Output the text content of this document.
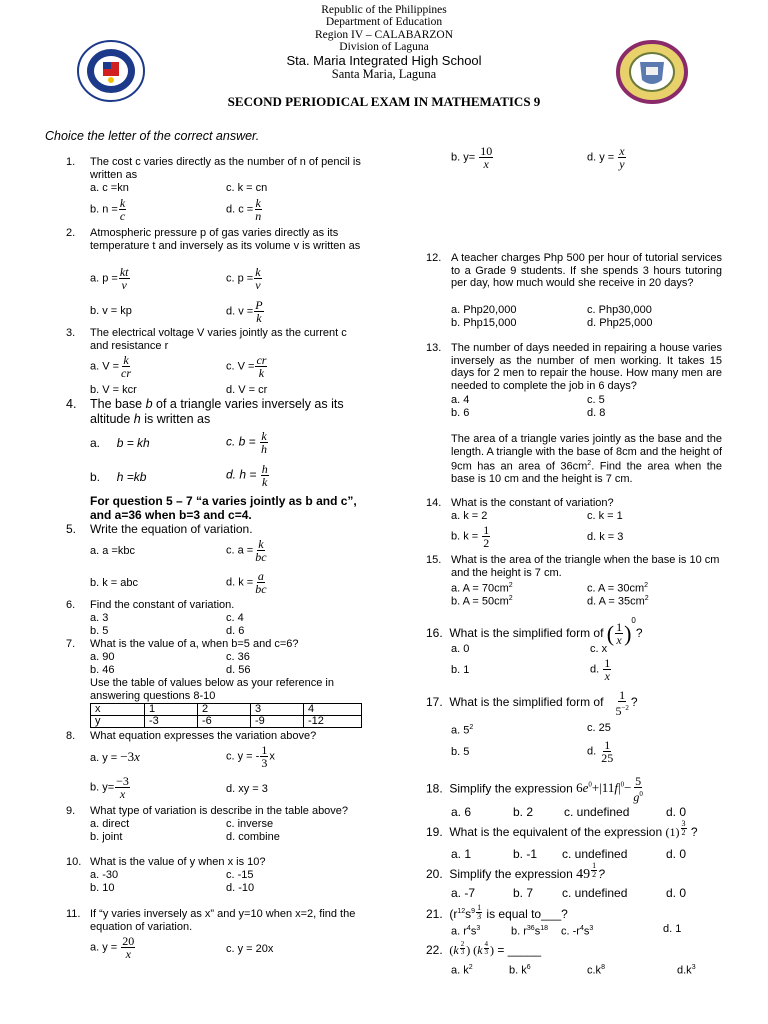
Republic of the Philippines
Department of Education
Region IV – CALABARZON
Division of Laguna
Sta. Maria Integrated High School
Santa Maria, Laguna
SECOND PERIODICAL EXAM IN MATHEMATICS 9
Choice the letter of the correct answer.
1. The cost c varies directly as the number of n of pencil is written as
a. c =kn	c. k = cn
b. $n = \frac{k}{c}$	d. $c = \frac{k}{n}$
2. Atmospheric pressure p of gas varies directly as its temperature t and inversely as its volume v is written as
a. $p = \frac{kt}{v}$	c. $p = \frac{k}{v}$
b. v = kp	d. $v = \frac{P}{k}$
3. The electrical voltage V varies jointly as the current c and resistance r
a. $V = \frac{k}{cr}$	c. $V = \frac{cr}{k}$
b. V = kcr	d. V = cr
4. The base b of a triangle varies inversely as its altitude h is written as
a. b = kh	c. $b = \frac{k}{h}$
b. h =kb	d. $h = \frac{h}{k}$
For question 5 – 7 “a varies jointly as b and c”, and a=36 when b=3 and c=4.
5. Write the equation of variation.
a. a =kbc	c. $a = \frac{k}{bc}$
b. k = abc	d. $k = \frac{a}{bc}$
6. Find the constant of variation.
a. 3	c. 4
b. 5	d. 6
7. What is the value of a, when b=5 and c=6?
a. 90	c. 36
b. 46	d. 56
Use the table of values below as your reference in answering questions 8-10
x	1	2	3	4
y	-3	-6	-9	-12
8. What equation expresses the variation above?
a. y = −3x	c. y = - $\frac{1}{3}$ x
b. $y= \frac{-3}{x}$	d. xy = 3
9. What type of variation is describe in the table above?
a. direct	c. inverse
b. joint	d. combine
10. What is the value of y when x is 10?
a. -30	c. -15
b. 10	d. -10
11. If “y varies inversely as x” and y=10 when x=2, find the equation of variation.
a. $y = \frac{20}{x}$	c. y = 20x
b. $y= \frac{10}{x}$	d. $y = \frac{x}{y}$
12. A teacher charges Php 500 per hour of tutorial services to a Grade 9 students. If she spends 3 hours tutoring per day, how much would she receive in 20 days?
a. Php20,000	c. Php30,000
b. Php15,000	d. Php25,000
13. The number of days needed in repairing a house varies inversely as the number of men working. It takes 15 days for 2 men to repair the house. How many men are needed to complete the job in 6 days?
a. 4	c. 5
b. 6	d. 8
The area of a triangle varies jointly as the base and the length. A triangle with the base of 8cm and the height of 9cm has an area of $36cm^2$. Find the area when the base is 10 cm and the height is 7 cm.
14. What is the constant of variation?
a. k = 2	c. k = 1
b. $k = \frac{1}{2}$	d. k = 3
15. What is the area of the triangle when the base is 10 cm and the height is 7 cm.
a. $A = 70cm^2$	c. $A = 30cm^2$
b. $A = 50cm^2$	d. $A = 35cm^2$
16. What is the simplified form of ( $\frac{1}{x} )^0$?
a. 0	c. x
b. 1	d. $\frac{1}{x}$
17. What is the simplified form of $\frac{1}{5^{-2}}$ ?
a. $5^2$	c. 25
b. 5	d. $\frac{1}{25}$
18. Simplify the expression $6e^0+|11f|^0- \frac{5}{g^0}$
a. 6	b. 2	c. undefined	d. 0
19. What is the equivalent of the expression $(1) \frac{3}{2}$ ?
a. 1	b. -1 c. undefined	d. 0
20. Simplify the expression $49 \frac{1}{2}$ ?
a. -7	b. 7 c. undefined	d. 0
21. ($r^{12}s^9 \frac{1}{3}$ is equal to___?
a. $r^4s^3$	b. $r^{36}s^{18}$ c. $-r^4s^3$	d. 1
22. ($k \frac{2}{3}$ ) ($k \frac{4}{3}$ ) = _____
a. $k^2$	b. $k^6$	$c.k^8$	$d.k^3$
